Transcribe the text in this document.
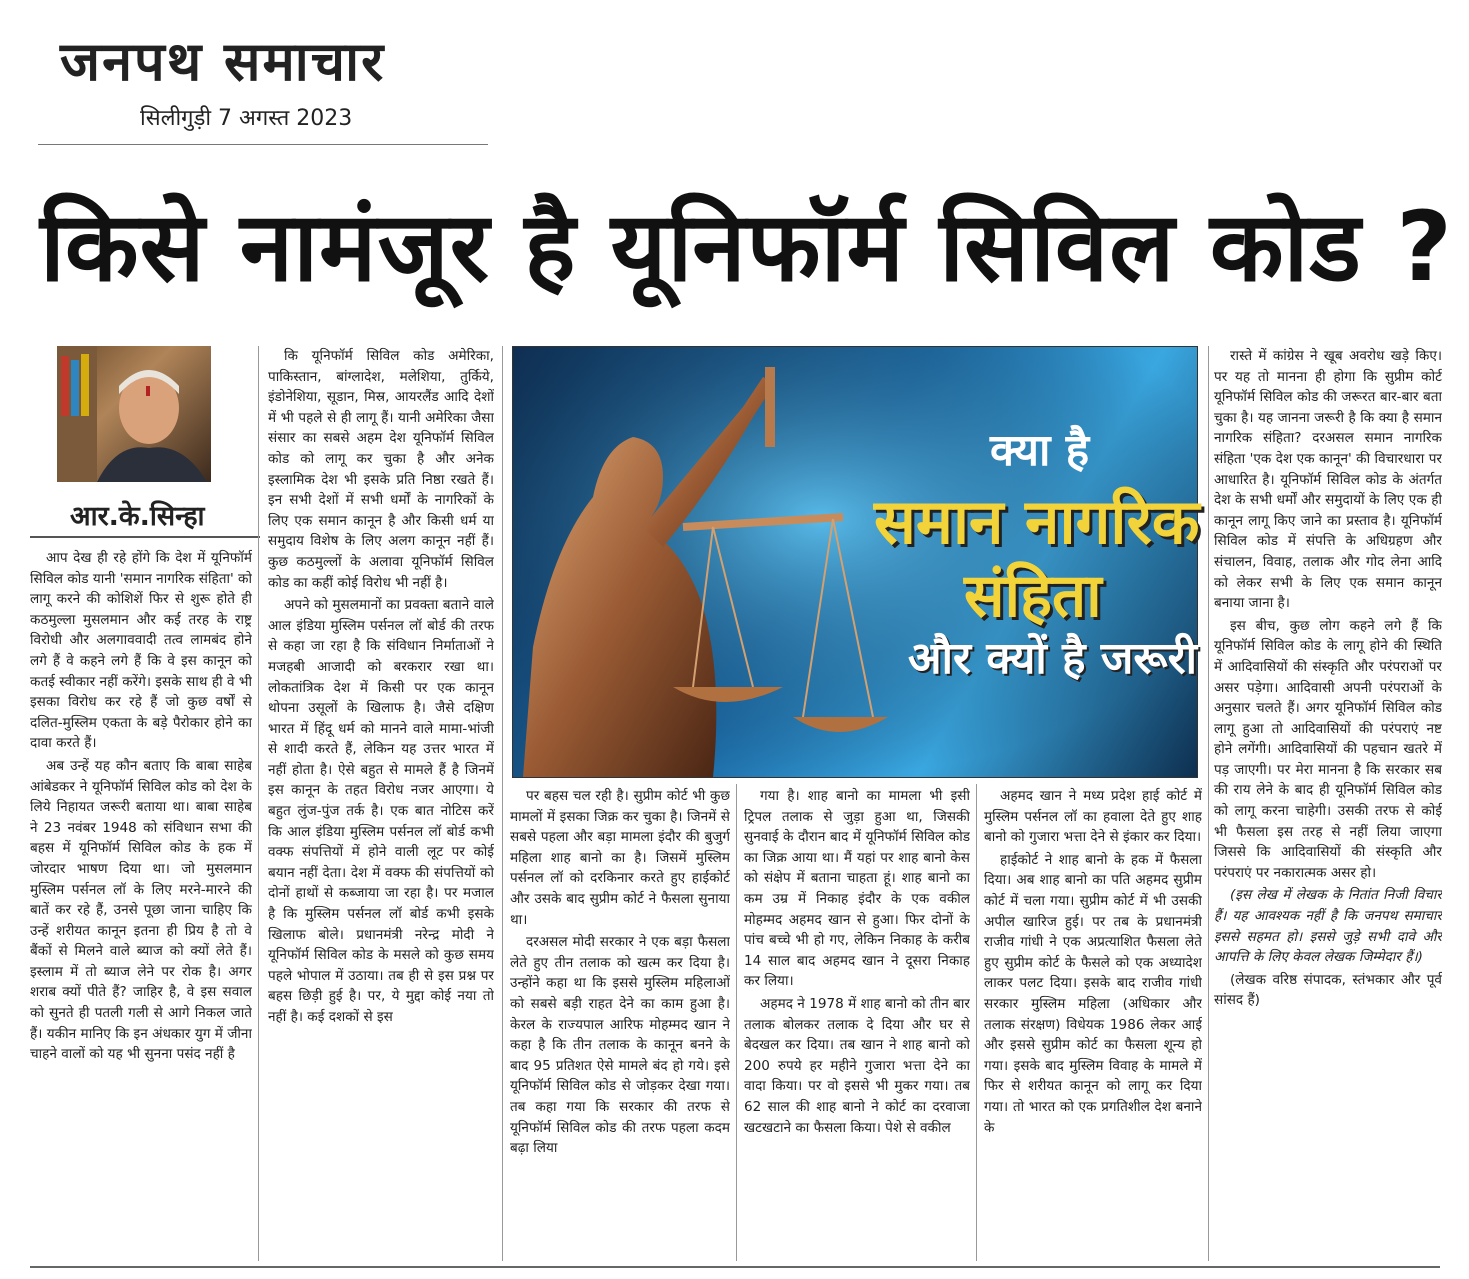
जनपथ समाचार
सिलीगुड़ी 7 अगस्त 2023
किसे नामंजूर है यूनिफॉर्म सिविल कोड ?
आर.के.सिन्हा
क्या है
समान नागरिक
संहिता
और क्यों है जरूरी

आप देख ही रहे होंगे कि देश में यूनिफॉर्म सिविल कोड यानी 'समान नागरिक संहिता' को लागू करने की कोशिशें फिर से शुरू होते ही कठमुल्ला मुसलमान और कई तरह के राष्ट्र विरोधी और अलगाववादी तत्व लामबंद होने लगे हैं वे कहने लगे हैं कि वे इस कानून को कतई स्वीकार नहीं करेंगे। इसके साथ ही वे भी इसका विरोध कर रहे हैं जो कुछ वर्षों से दलित-मुस्लिम एकता के बड़े पैरोकार होने का दावा करते हैं।

अब उन्हें यह कौन बताए कि बाबा साहेब आंबेडकर ने यूनिफॉर्म सिविल कोड को देश के लिये निहायत जरूरी बताया था। बाबा साहेब ने 23 नवंबर 1948 को संविधान सभा की बहस में यूनिफॉर्म सिविल कोड के हक में जोरदार भाषण दिया था। जो मुसलमान मुस्लिम पर्सनल लॉ के लिए मरने-मारने की बातें कर रहे हैं, उनसे पूछा जाना चाहिए कि उन्हें शरीयत कानून इतना ही प्रिय है तो वे बैंकों से मिलने वाले ब्याज को क्यों लेते हैं। इस्लाम में तो ब्याज लेने पर रोक है। अगर शराब क्यों पीते हैं? जाहिर है, वे इस सवाल को सुनते ही पतली गली से आगे निकल जाते हैं। यकीन मानिए कि इन अंधकार युग में जीना चाहने वालों को यह भी सुनना पसंद नहीं है

कि यूनिफॉर्म सिविल कोड अमेरिका, पाकिस्तान, बांग्लादेश, मलेशिया, तुर्किये, इंडोनेशिया, सूडान, मिस्र, आयरलैंड आदि देशों में भी पहले से ही लागू हैं। यानी अमेरिका जैसा संसार का सबसे अहम देश यूनिफॉर्म सिविल कोड को लागू कर चुका है और अनेक इस्लामिक देश भी इसके प्रति निष्ठा रखते हैं। इन सभी देशों में सभी धर्मों के नागरिकों के लिए एक समान कानून है और किसी धर्म या समुदाय विशेष के लिए अलग कानून नहीं हैं। कुछ कठमुल्लों के अलावा यूनिफॉर्म सिविल कोड का कहीं कोई विरोध भी नहीं है।

अपने को मुसलमानों का प्रवक्ता बताने वाले आल इंडिया मुस्लिम पर्सनल लॉ बोर्ड की तरफ से कहा जा रहा है कि संविधान निर्माताओं ने मजहबी आजादी को बरकरार रखा था। लोकतांत्रिक देश में किसी पर एक कानून थोपना उसूलों के खिलाफ है। जैसे दक्षिण भारत में हिंदू धर्म को मानने वाले मामा-भांजी से शादी करते हैं, लेकिन यह उत्तर भारत में नहीं होता है। ऐसे बहुत से मामले हैं है जिनमें इस कानून के तहत विरोध नजर आएगा। ये बहुत लुंज-पुंज तर्क है। एक बात नोटिस करें कि आल इंडिया मुस्लिम पर्सनल लॉ बोर्ड कभी वक्फ संपत्तियों में होने वाली लूट पर कोई बयान नहीं देता। देश में वक्फ की संपत्तियों को दोनों हाथों से कब्जाया जा रहा है। पर मजाल है कि मुस्लिम पर्सनल लॉ बोर्ड कभी इसके खिलाफ बोले। प्रधानमंत्री नरेन्द्र मोदी ने यूनिफॉर्म सिविल कोड के मसले को कुछ समय पहले भोपाल में उठाया। तब ही से इस प्रश्न पर बहस छिड़ी हुई है। पर, ये मुद्दा कोई नया तो नहीं है। कई दशकों से इस

पर बहस चल रही है। सुप्रीम कोर्ट भी कुछ मामलों में इसका जिक्र कर चुका है। जिनमें से सबसे पहला और बड़ा मामला इंदौर की बुजुर्ग महिला शाह बानो का है। जिसमें मुस्लिम पर्सनल लॉ को दरकिनार करते हुए हाईकोर्ट और उसके बाद सुप्रीम कोर्ट ने फैसला सुनाया था।

दरअसल मोदी सरकार ने एक बड़ा फैसला लेते हुए तीन तलाक को खत्म कर दिया है। उन्होंने कहा था कि इससे मुस्लिम महिलाओं को सबसे बड़ी राहत देने का काम हुआ है। केरल के राज्यपाल आरिफ मोहम्मद खान ने कहा है कि तीन तलाक के कानून बनने के बाद 95 प्रतिशत ऐसे मामले बंद हो गये। इसे यूनिफॉर्म सिविल कोड से जोड़कर देखा गया। तब कहा गया कि सरकार की तरफ से यूनिफॉर्म सिविल कोड की तरफ पहला कदम बढ़ा लिया

गया है। शाह बानो का मामला भी इसी ट्रिपल तलाक से जुड़ा हुआ था, जिसकी सुनवाई के दौरान बाद में यूनिफॉर्म सिविल कोड का जिक्र आया था। मैं यहां पर शाह बानो केस को संक्षेप में बताना चाहता हूं। शाह बानो का कम उम्र में निकाह इंदौर के एक वकील मोहम्मद अहमद खान से हुआ। फिर दोनों के पांच बच्चे भी हो गए, लेकिन निकाह के करीब 14 साल बाद अहमद खान ने दूसरा निकाह कर लिया।

अहमद ने 1978 में शाह बानो को तीन बार तलाक बोलकर तलाक दे दिया और घर से बेदखल कर दिया। तब खान ने शाह बानो को 200 रुपये हर महीने गुजारा भत्ता देने का वादा किया। पर वो इससे भी मुकर गया। तब 62 साल की शाह बानो ने कोर्ट का दरवाजा खटखटाने का फैसला किया। पेशे से वकील

अहमद खान ने मध्य प्रदेश हाई कोर्ट में मुस्लिम पर्सनल लॉ का हवाला देते हुए शाह बानो को गुजारा भत्ता देने से इंकार कर दिया।

हाईकोर्ट ने शाह बानो के हक में फैसला दिया। अब शाह बानो का पति अहमद सुप्रीम कोर्ट में चला गया। सुप्रीम कोर्ट में भी उसकी अपील खारिज हुई। पर तब के प्रधानमंत्री राजीव गांधी ने एक अप्रत्याशित फैसला लेते हुए सुप्रीम कोर्ट के फैसले को एक अध्यादेश लाकर पलट दिया। इसके बाद राजीव गांधी सरकार मुस्लिम महिला (अधिकार और तलाक संरक्षण) विधेयक 1986 लेकर आई और इससे सुप्रीम कोर्ट का फैसला शून्य हो गया। इसके बाद मुस्लिम विवाह के मामले में फिर से शरीयत कानून को लागू कर दिया गया। तो भारत को एक प्रगतिशील देश बनाने के

रास्ते में कांग्रेस ने खूब अवरोध खड़े किए। पर यह तो मानना ही होगा कि सुप्रीम कोर्ट यूनिफॉर्म सिविल कोड की जरूरत बार-बार बता चुका है। यह जानना जरूरी है कि क्या है समान नागरिक संहिता? दरअसल समान नागरिक संहिता 'एक देश एक कानून' की विचारधारा पर आधारित है। यूनिफॉर्म सिविल कोड के अंतर्गत देश के सभी धर्मों और समुदायों के लिए एक ही कानून लागू किए जाने का प्रस्ताव है। यूनिफॉर्म सिविल कोड में संपत्ति के अधिग्रहण और संचालन, विवाह, तलाक और गोद लेना आदि को लेकर सभी के लिए एक समान कानून बनाया जाना है।

इस बीच, कुछ लोग कहने लगे हैं कि यूनिफॉर्म सिविल कोड के लागू होने की स्थिति में आदिवासियों की संस्कृति और परंपराओं पर असर पड़ेगा। आदिवासी अपनी परंपराओं के अनुसार चलते हैं। अगर यूनिफॉर्म सिविल कोड लागू हुआ तो आदिवासियों की परंपराएं नष्ट होने लगेंगी। आदिवासियों की पहचान खतरे में पड़ जाएगी। पर मेरा मानना है कि सरकार सब की राय लेने के बाद ही यूनिफॉर्म सिविल कोड को लागू करना चाहेगी। उसकी तरफ से कोई भी फैसला इस तरह से नहीं लिया जाएगा जिससे कि आदिवासियों की संस्कृति और परंपराएं पर नकारात्मक असर हो।

(इस लेख में लेखक के नितांत निजी विचार हैं। यह आवश्यक नहीं है कि जनपथ समाचार इससे सहमत हो। इससे जुड़े सभी दावे और आपत्ति के लिए केवल लेखक जिम्मेदार हैं।)

(लेखक वरिष्ठ संपादक, स्तंभकार और पूर्व सांसद हैं)
